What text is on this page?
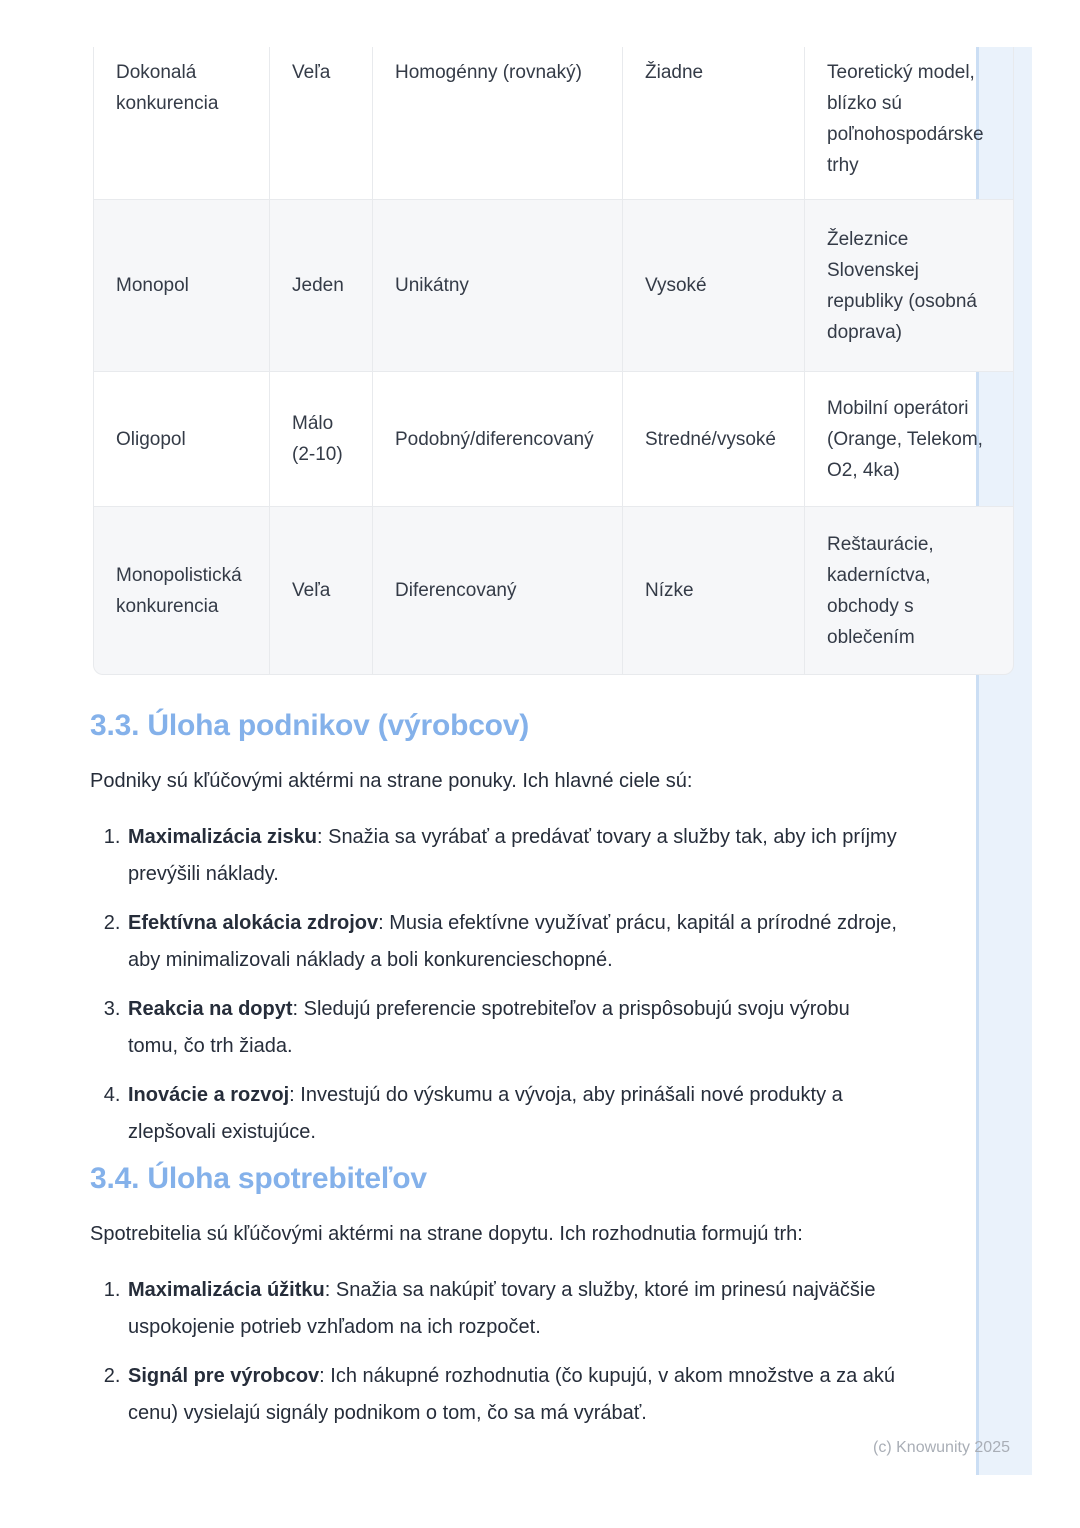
Dokonalá konkurencia	Veľa	Homogénny (rovnaký)	Žiadne	Teoretický model, blízko sú poľnohospodárske trhy
Monopol	Jeden	Unikátny	Vysoké	Železnice Slovenskej republiky (osobná doprava)
Oligopol	Málo (2-10)	Podobný/diferencovaný	Stredné/vysoké	Mobilní operátori (Orange, Telekom, O2, 4ka)
Monopolistická konkurencia	Veľa	Diferencovaný	Nízke	Reštaurácie, kaderníctva, obchody s oblečením
3.3. Úloha podnikov (výrobcov)

Podniky sú kľúčovými aktérmi na strane ponuky. Ich hlavné ciele sú:

1. Maximalizácia zisku: Snažia sa vyrábať a predávať tovary a služby tak, aby ich príjmy prevýšili náklady.
2. Efektívna alokácia zdrojov: Musia efektívne využívať prácu, kapitál a prírodné zdroje, aby minimalizovali náklady a boli konkurencieschopné.
3. Reakcia na dopyt: Sledujú preferencie spotrebiteľov a prispôsobujú svoju výrobu tomu, čo trh žiada.
4. Inovácie a rozvoj: Investujú do výskumu a vývoja, aby prinášali nové produkty a zlepšovali existujúce.
3.4. Úloha spotrebiteľov

Spotrebitelia sú kľúčovými aktérmi na strane dopytu. Ich rozhodnutia formujú trh:

1. Maximalizácia úžitku: Snažia sa nakúpiť tovary a služby, ktoré im prinesú najväčšie uspokojenie potrieb vzhľadom na ich rozpočet.
2. Signál pre výrobcov: Ich nákupné rozhodnutia (čo kupujú, v akom množstve a za akú cenu) vysielajú signály podnikom o tom, čo sa má vyrábať.
(c) Knowunity 2025
